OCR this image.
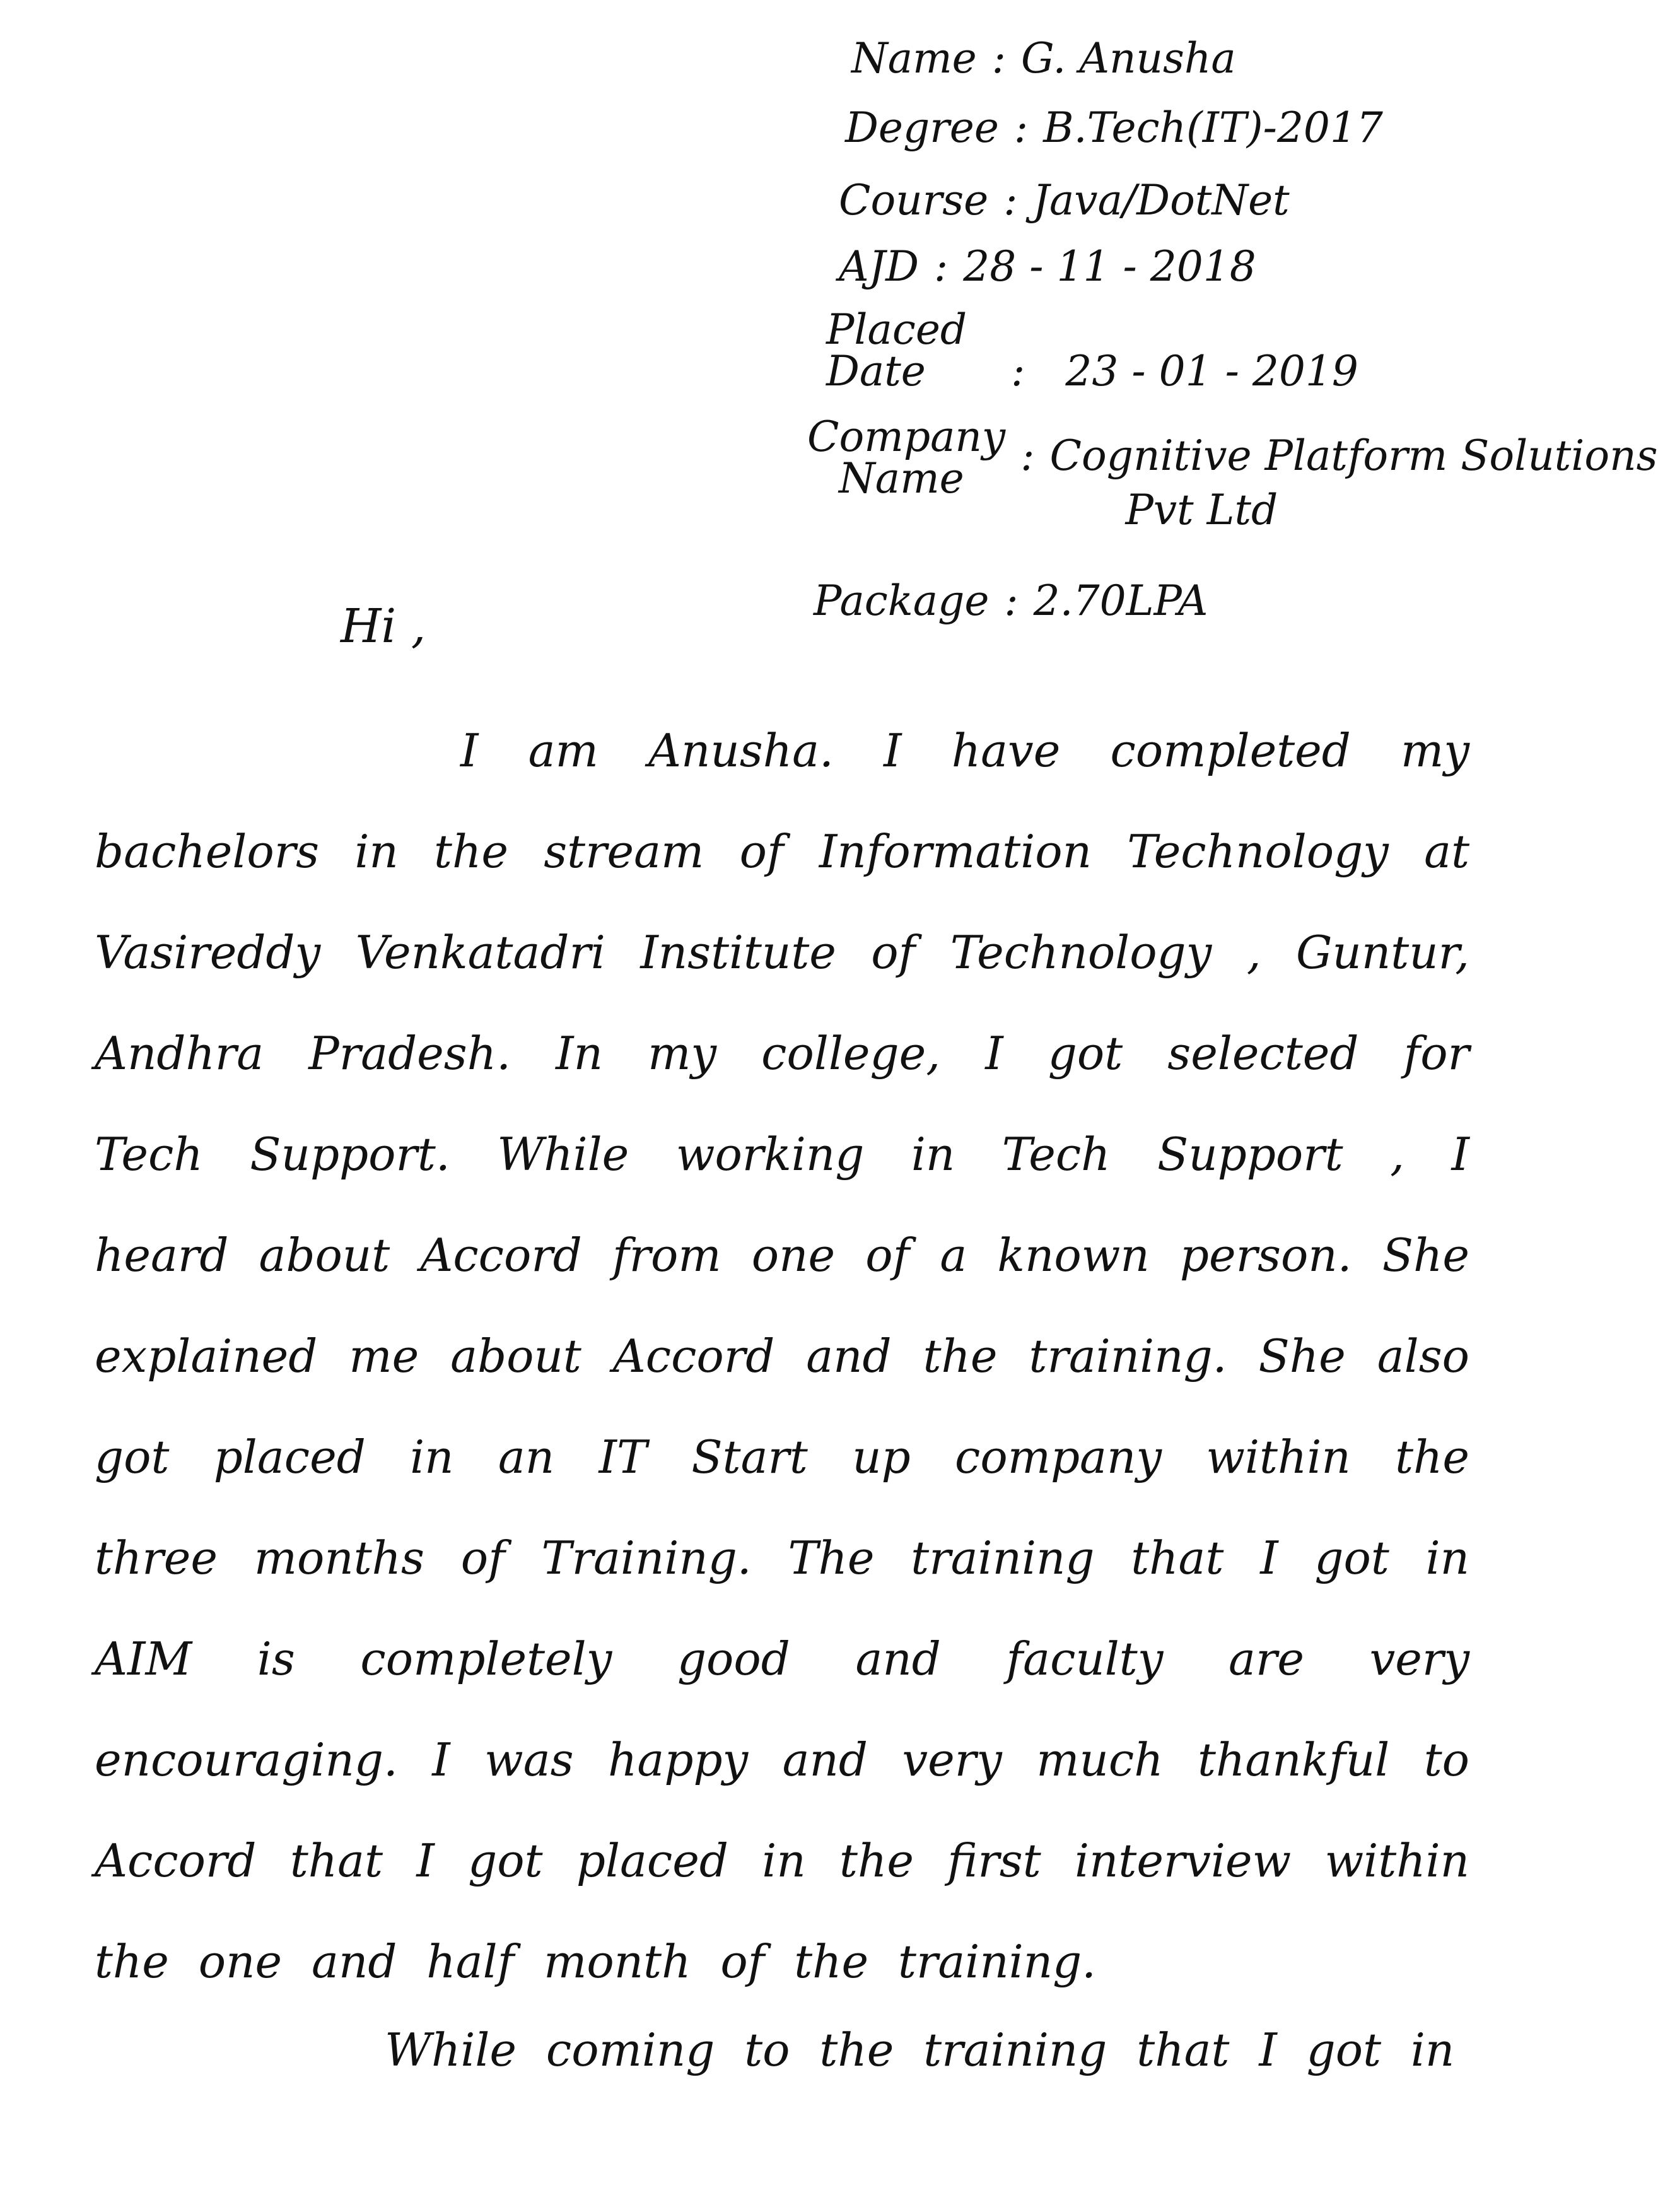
Name : G. Anusha
Degree : B.Tech(IT)-2017
Course : Java/DotNet
AJD : 28 - 11 - 2018
Placed
Date	: 23 - 01 - 2019
Company
Name	: Cognitive Platform Solutions
Pvt Ltd
Package : 2.70LPA
Hi ,
I am Anusha. I have completed my bachelors in the stream of Information Technology at Vasireddy Venkatadri Institute of Technology , Guntur, Andhra Pradesh. In my college, I got selected for Tech Support. While working in Tech Support , I heard about Accord from one of a known person. She explained me about Accord and the training. She also got placed in an IT Start up company within the three months of Training. The training that I got in AIM is completely good and faculty are very encouraging. I was happy and very much thankful to Accord that I got placed in the first interview within the one and half month of the training.
While coming to the training that I got in
